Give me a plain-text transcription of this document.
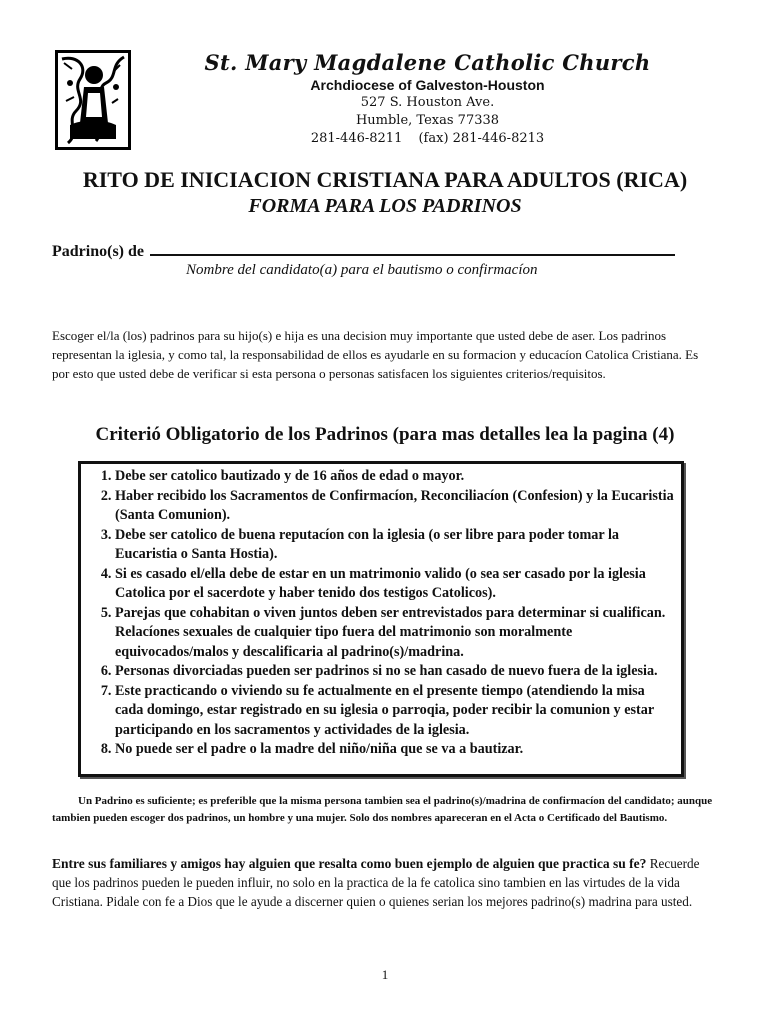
St. Mary Magdalene Catholic Church
Archdiocese of Galveston-Houston
527 S. Houston Ave.
Humble, Texas 77338
281-446-8211 (fax) 281-446-8213
RITO DE INICIACION CRISTIANA PARA ADULTOS (RICA)
FORMA PARA LOS PADRINOS
Padrino(s) de
Nombre del candidato(a) para el bautismo o confirmacíon
Escoger el/la (los) padrinos para su hijo(s) e hija es una decision muy importante que usted debe de aser. Los padrinos representan la iglesia, y como tal, la responsabilidad de ellos es ayudarle en su formacion y educacíon Catolica Cristiana. Es por esto que usted debe de verificar si esta persona o personas satisfacen los siguientes criterios/requisitos.
Criterió Obligatorio de los Padrinos (para mas detalles lea la pagina (4)
1. Debe ser catolico bautizado y de 16 años de edad o mayor.
2. Haber recibido los Sacramentos de Confirmacíon, Reconciliacíon (Confesion) y la Eucaristia (Santa Comunion).
3. Debe ser catolico de buena reputacíon con la iglesia (o ser libre para poder tomar la Eucaristia o Santa Hostia).
4. Si es casado el/ella debe de estar en un matrimonio valido (o sea ser casado por la iglesia Catolica por el sacerdote y haber tenido dos testigos Catolicos).
5. Parejas que cohabitan o viven juntos deben ser entrevistados para determinar si cualifican. Relacíones sexuales de cualquier tipo fuera del matrimonio son moralmente equivocados/malos y descalificaria al padrino(s)/madrina.
6. Personas divorciadas pueden ser padrinos si no se han casado de nuevo fuera de la iglesia.
7. Este practicando o viviendo su fe actualmente en el presente tiempo (atendiendo la misa cada domingo, estar registrado en su iglesia o parroqia, poder recibir la comunion y estar participando en los sacramentos y actividades de la iglesia.
8. No puede ser el padre o la madre del niño/niña que se va a bautizar.
Un Padrino es suficiente; es preferible que la misma persona tambien sea el padrino(s)/madrina de confirmacíon del candidato; aunque tambien pueden escoger dos padrinos, un hombre y una mujer. Solo dos nombres apareceran en el Acta o Certificado del Bautismo.
Entre sus familiares y amigos hay alguien que resalta como buen ejemplo de alguien que practica su fe? Recuerde que los padrinos pueden le pueden influir, no solo en la practica de la fe catolica sino tambien en las virtudes de la vida Cristiana. Pidale con fe a Dios que le ayude a discerner quien o quienes serian los mejores padrino(s) madrina para usted.
1
